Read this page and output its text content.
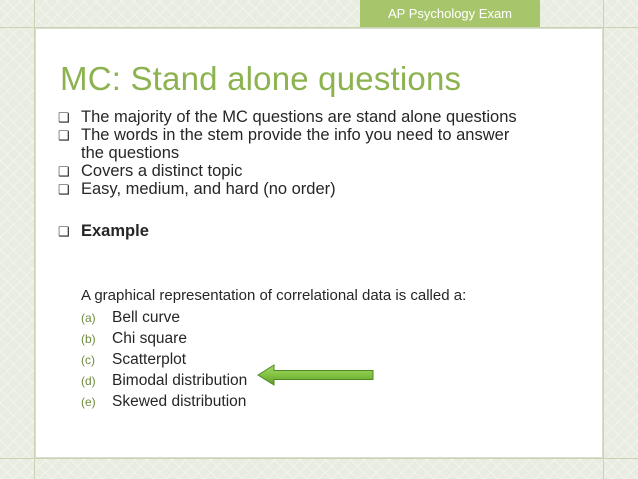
AP Psychology Exam
MC: Stand alone questions
❑ The majority of the MC questions are stand alone questions
❑ The words in the stem provide the info you need to answer the questions
❑ Covers a distinct topic
❑ Easy, medium, and hard (no order)
❑ Example
A graphical representation of correlational data is called a:
(a)	Bell curve
(b)	Chi square
(c)	Scatterplot
(d)	Bimodal distribution
(e)	Skewed distribution
